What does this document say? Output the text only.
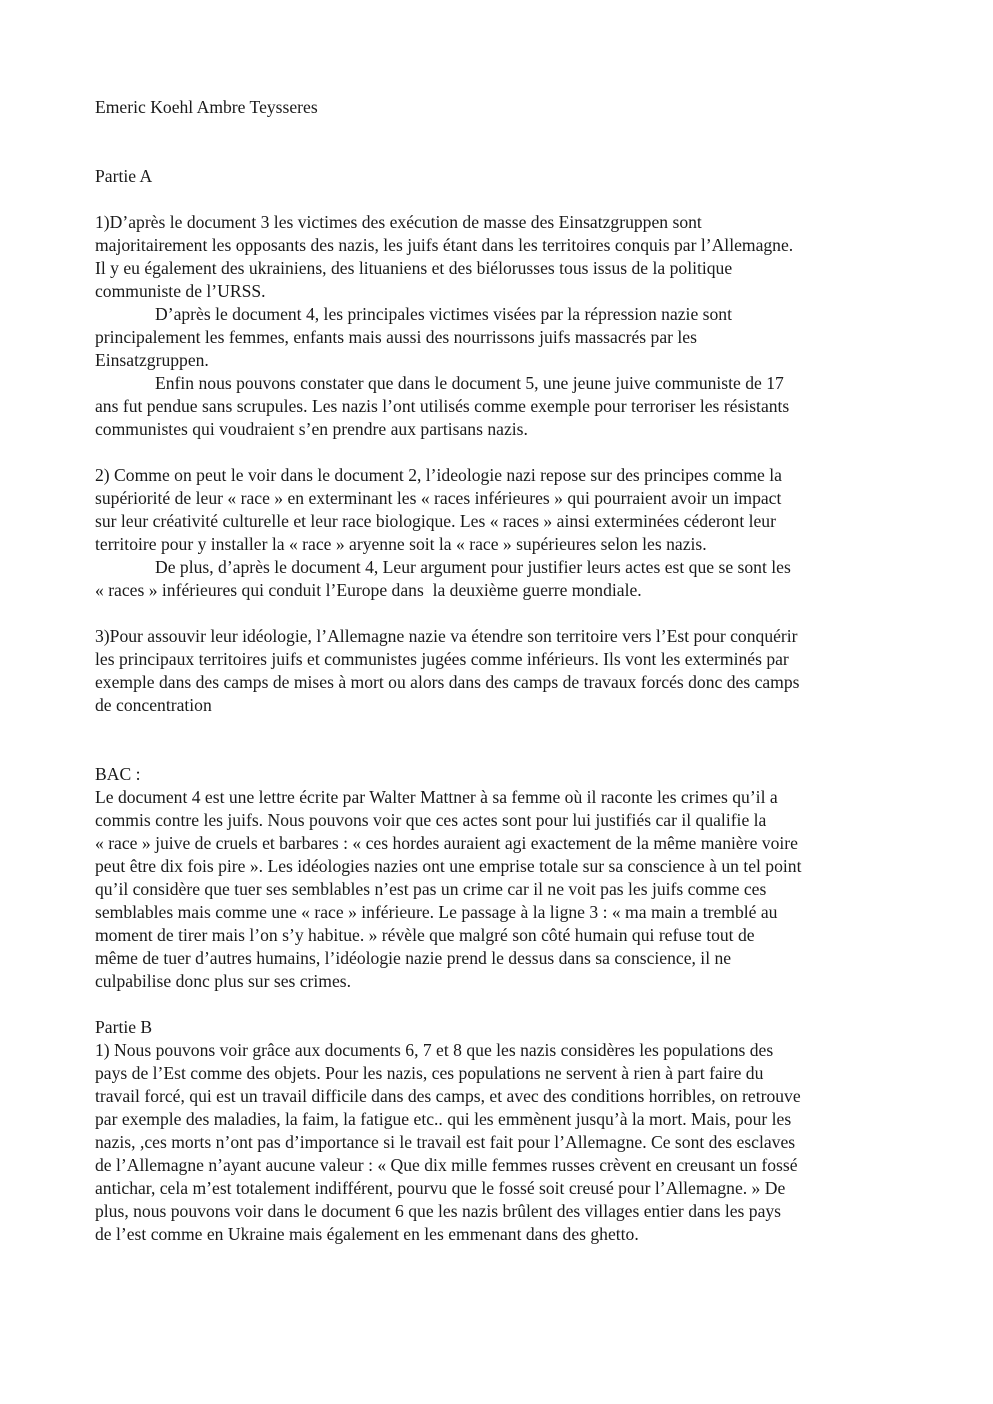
Emeric Koehl Ambre Teysseres
Partie A
1)D’après le document 3 les victimes des exécution de masse des Einsatzgruppen sont
majoritairement les opposants des nazis, les juifs étant dans les territoires conquis par l’Allemagne.
Il y eu également des ukrainiens, des lituaniens et des biélorusses tous issus de la politique
communiste de l’URSS.
D’après le document 4, les principales victimes visées par la répression nazie sont
principalement les femmes, enfants mais aussi des nourrissons juifs massacrés par les
Einsatzgruppen.
Enfin nous pouvons constater que dans le document 5, une jeune juive communiste de 17
ans fut pendue sans scrupules. Les nazis l’ont utilisés comme exemple pour terroriser les résistants
communistes qui voudraient s’en prendre aux partisans nazis.
2) Comme on peut le voir dans le document 2, l’ideologie nazi repose sur des principes comme la
supériorité de leur « race » en exterminant les « races inférieures » qui pourraient avoir un impact
sur leur créativité culturelle et leur race biologique. Les « races » ainsi exterminées céderont leur
territoire pour y installer la « race » aryenne soit la « race » supérieures selon les nazis.
De plus, d’après le document 4, Leur argument pour justifier leurs actes est que se sont les
« races » inférieures qui conduit l’Europe dans  la deuxième guerre mondiale.
3)Pour assouvir leur idéologie, l’Allemagne nazie va étendre son territoire vers l’Est pour conquérir
les principaux territoires juifs et communistes jugées comme inférieurs. Ils vont les exterminés par
exemple dans des camps de mises à mort ou alors dans des camps de travaux forcés donc des camps
de concentration
BAC :
Le document 4 est une lettre écrite par Walter Mattner à sa femme où il raconte les crimes qu’il a
commis contre les juifs. Nous pouvons voir que ces actes sont pour lui justifiés car il qualifie la
« race » juive de cruels et barbares : « ces hordes auraient agi exactement de la même manière voire
peut être dix fois pire ». Les idéologies nazies ont une emprise totale sur sa conscience à un tel point
qu’il considère que tuer ses semblables n’est pas un crime car il ne voit pas les juifs comme ces
semblables mais comme une « race » inférieure. Le passage à la ligne 3 : « ma main a tremblé au
moment de tirer mais l’on s’y habitue. » révèle que malgré son côté humain qui refuse tout de
même de tuer d’autres humains, l’idéologie nazie prend le dessus dans sa conscience, il ne
culpabilise donc plus sur ses crimes.
Partie B
1) Nous pouvons voir grâce aux documents 6, 7 et 8 que les nazis considères les populations des
pays de l’Est comme des objets. Pour les nazis, ces populations ne servent à rien à part faire du
travail forcé, qui est un travail difficile dans des camps, et avec des conditions horribles, on retrouve
par exemple des maladies, la faim, la fatigue etc.. qui les emmènent jusqu’à la mort. Mais, pour les
nazis, ,ces morts n’ont pas d’importance si le travail est fait pour l’Allemagne. Ce sont des esclaves
de l’Allemagne n’ayant aucune valeur : « Que dix mille femmes russes crèvent en creusant un fossé
antichar, cela m’est totalement indifférent, pourvu que le fossé soit creusé pour l’Allemagne. » De
plus, nous pouvons voir dans le document 6 que les nazis brûlent des villages entier dans les pays
de l’est comme en Ukraine mais également en les emmenant dans des ghetto.
